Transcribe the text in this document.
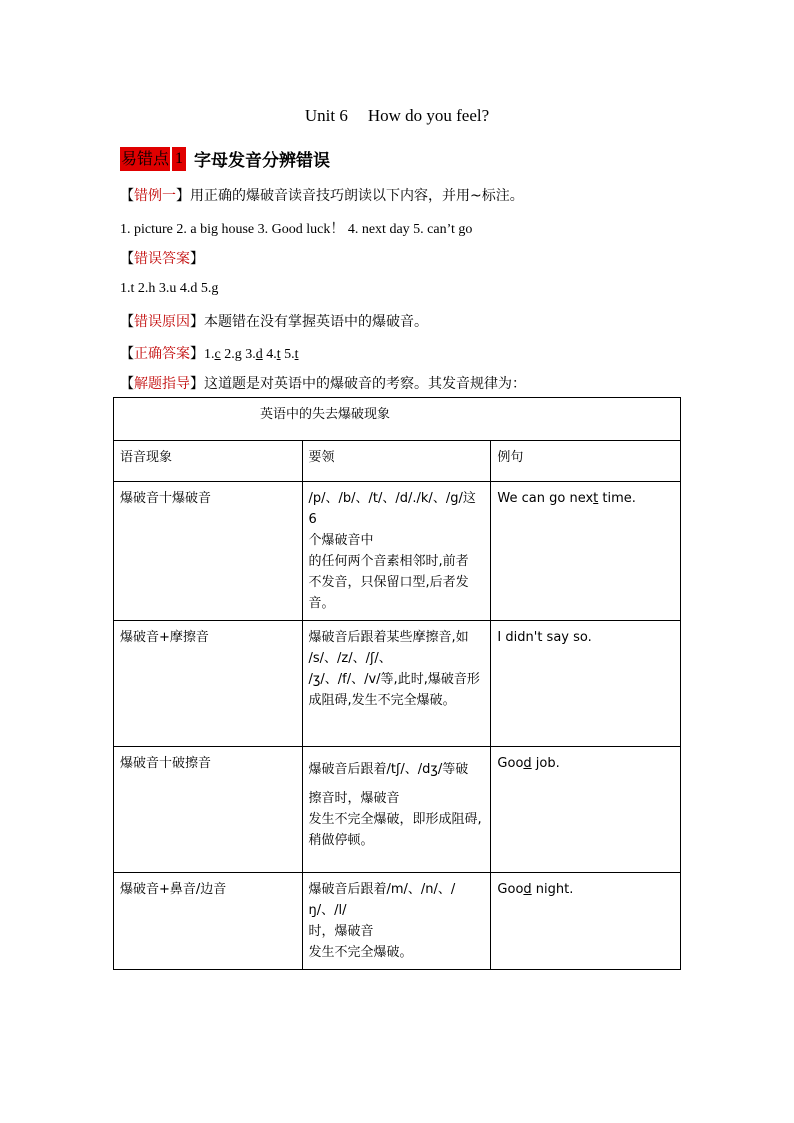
Unit 6 How do you feel?
易错点 1 字母发音分辨错误
【错例一】用正确的爆破音读音技巧朗读以下内容，并用~标注。
1. picture 2. a big house 3. Good luck！ 4. next day 5. can’t go
【错误答案】
1.t 2.h 3.u 4.d 5.g
【错误原因】本题错在没有掌握英语中的爆破音。
【正确答案】1.c 2.g 3.d 4.t 5.t
【解题指导】这道题是对英语中的爆破音的考察。其发音规律为：
英语中的失去爆破现象		
语音现象	要领	例句
爆破音十爆破音	/p/、/b/、/t/、/d/./k/、/g/这 6
个爆破音中
的任何两个音素相邻时,前者
不发音，只保留口型,后者发
音。	We can go next time.
爆破音+摩擦音	爆破音后跟着某些摩擦音,如
/s/、/z/、/ʃ/、
/ʒ/、/f/、/v/等,此时,爆破音形
成阻碍,发生不完全爆破。	I didn't say so.
爆破音十破擦音	爆破音后跟着/tʃ/、/dʒ/等破
擦音时，爆破音
发生不完全爆破，即形成阻碍,
稍做停顿。	Good job.
爆破音+鼻音/边音	爆破音后跟着/m/、/n/、/ŋ/、/l/
时，爆破音
发生不完全爆破。	Good night.
